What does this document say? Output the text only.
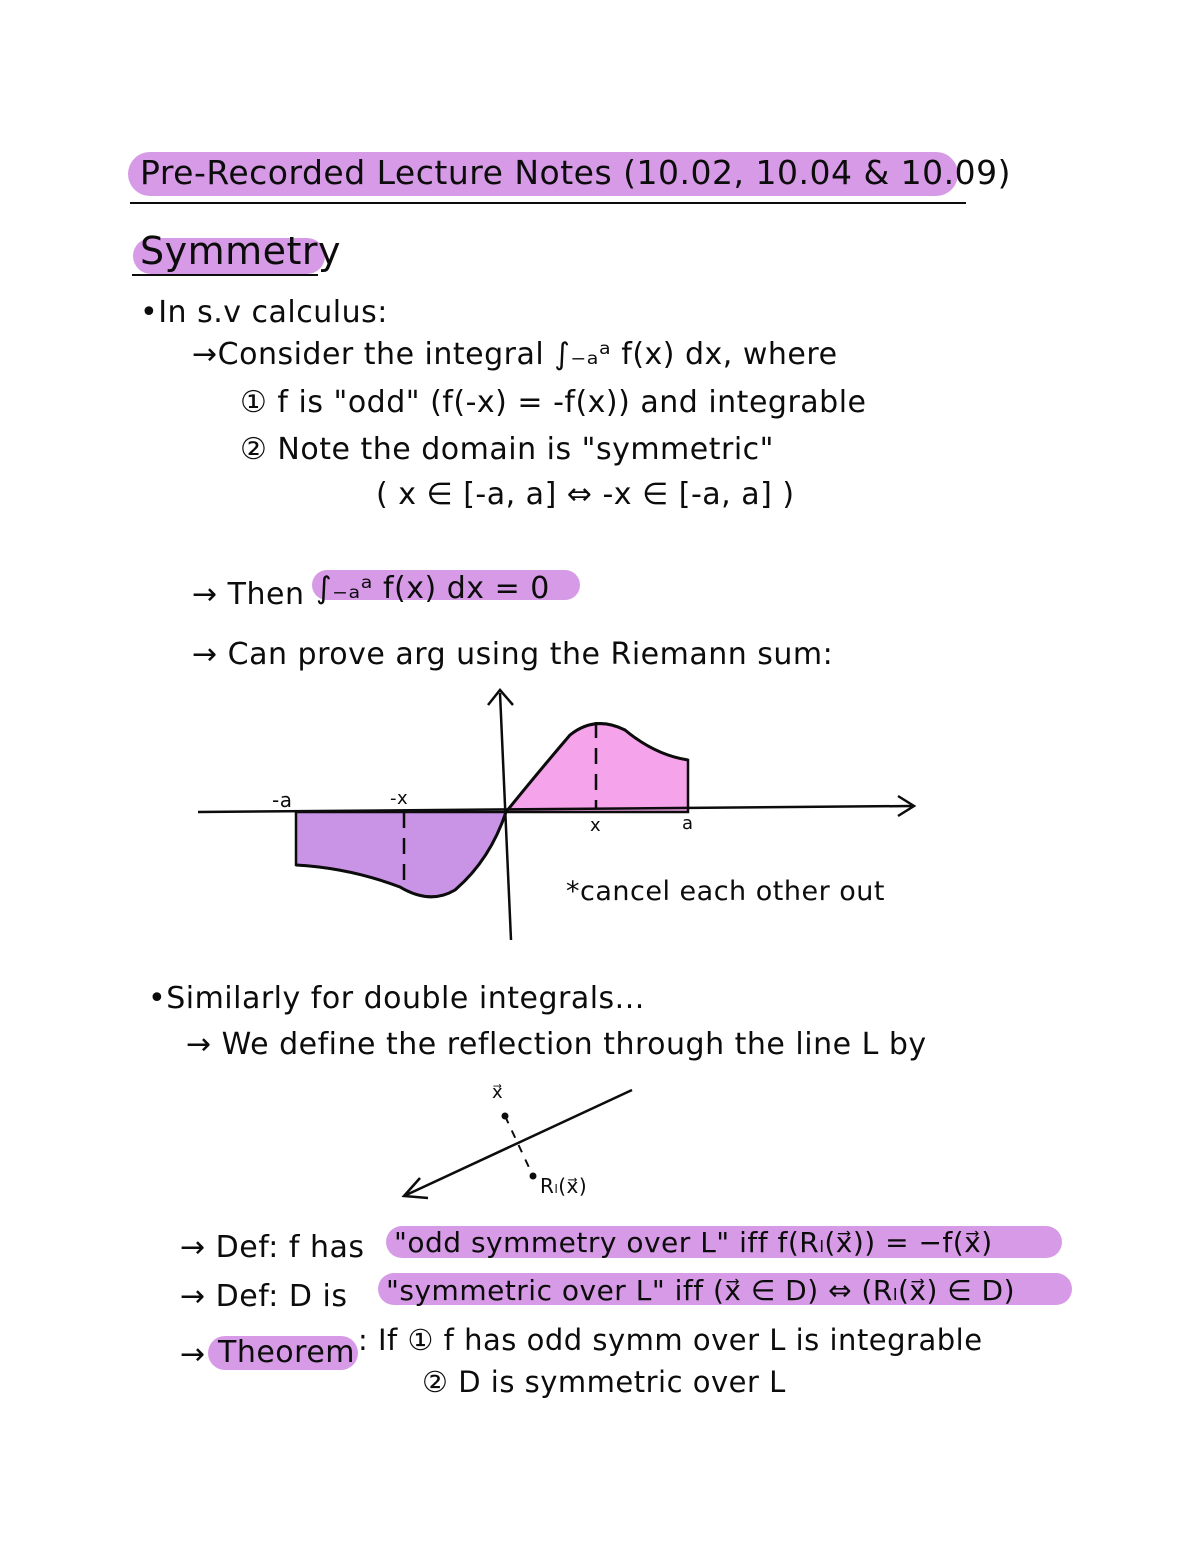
Pre-Recorded Lecture Notes (10.02, 10.04 & 10.09)
Symmetry
•In s.v calculus:
→Consider the integral ∫₋ₐᵃ f(x) dx, where
① f is "odd" (f(-x) = -f(x)) and integrable
② Note the domain is "symmetric"
( x ∈ [-a, a] ⇔ -x ∈ [-a, a] )
→ Then ∫₋ₐᵃ f(x) dx = 0
→ Can prove arg using the Riemann sum:
-a	-x
x	a
*cancel each other out
•Similarly for double integrals...
→ We define the reflection through the line L by
x⃗
Rₗ(x⃗)
→ Def: f has "odd symmetry over L" iff f(Rₗ(x⃗)) = −f(x⃗)
→ Def: D is "symmetric over L" iff (x⃗ ∈ D) ⇔ (Rₗ(x⃗) ∈ D)
→ Theorem : If ① f has odd symm over L is integrable
② D is symmetric over L
